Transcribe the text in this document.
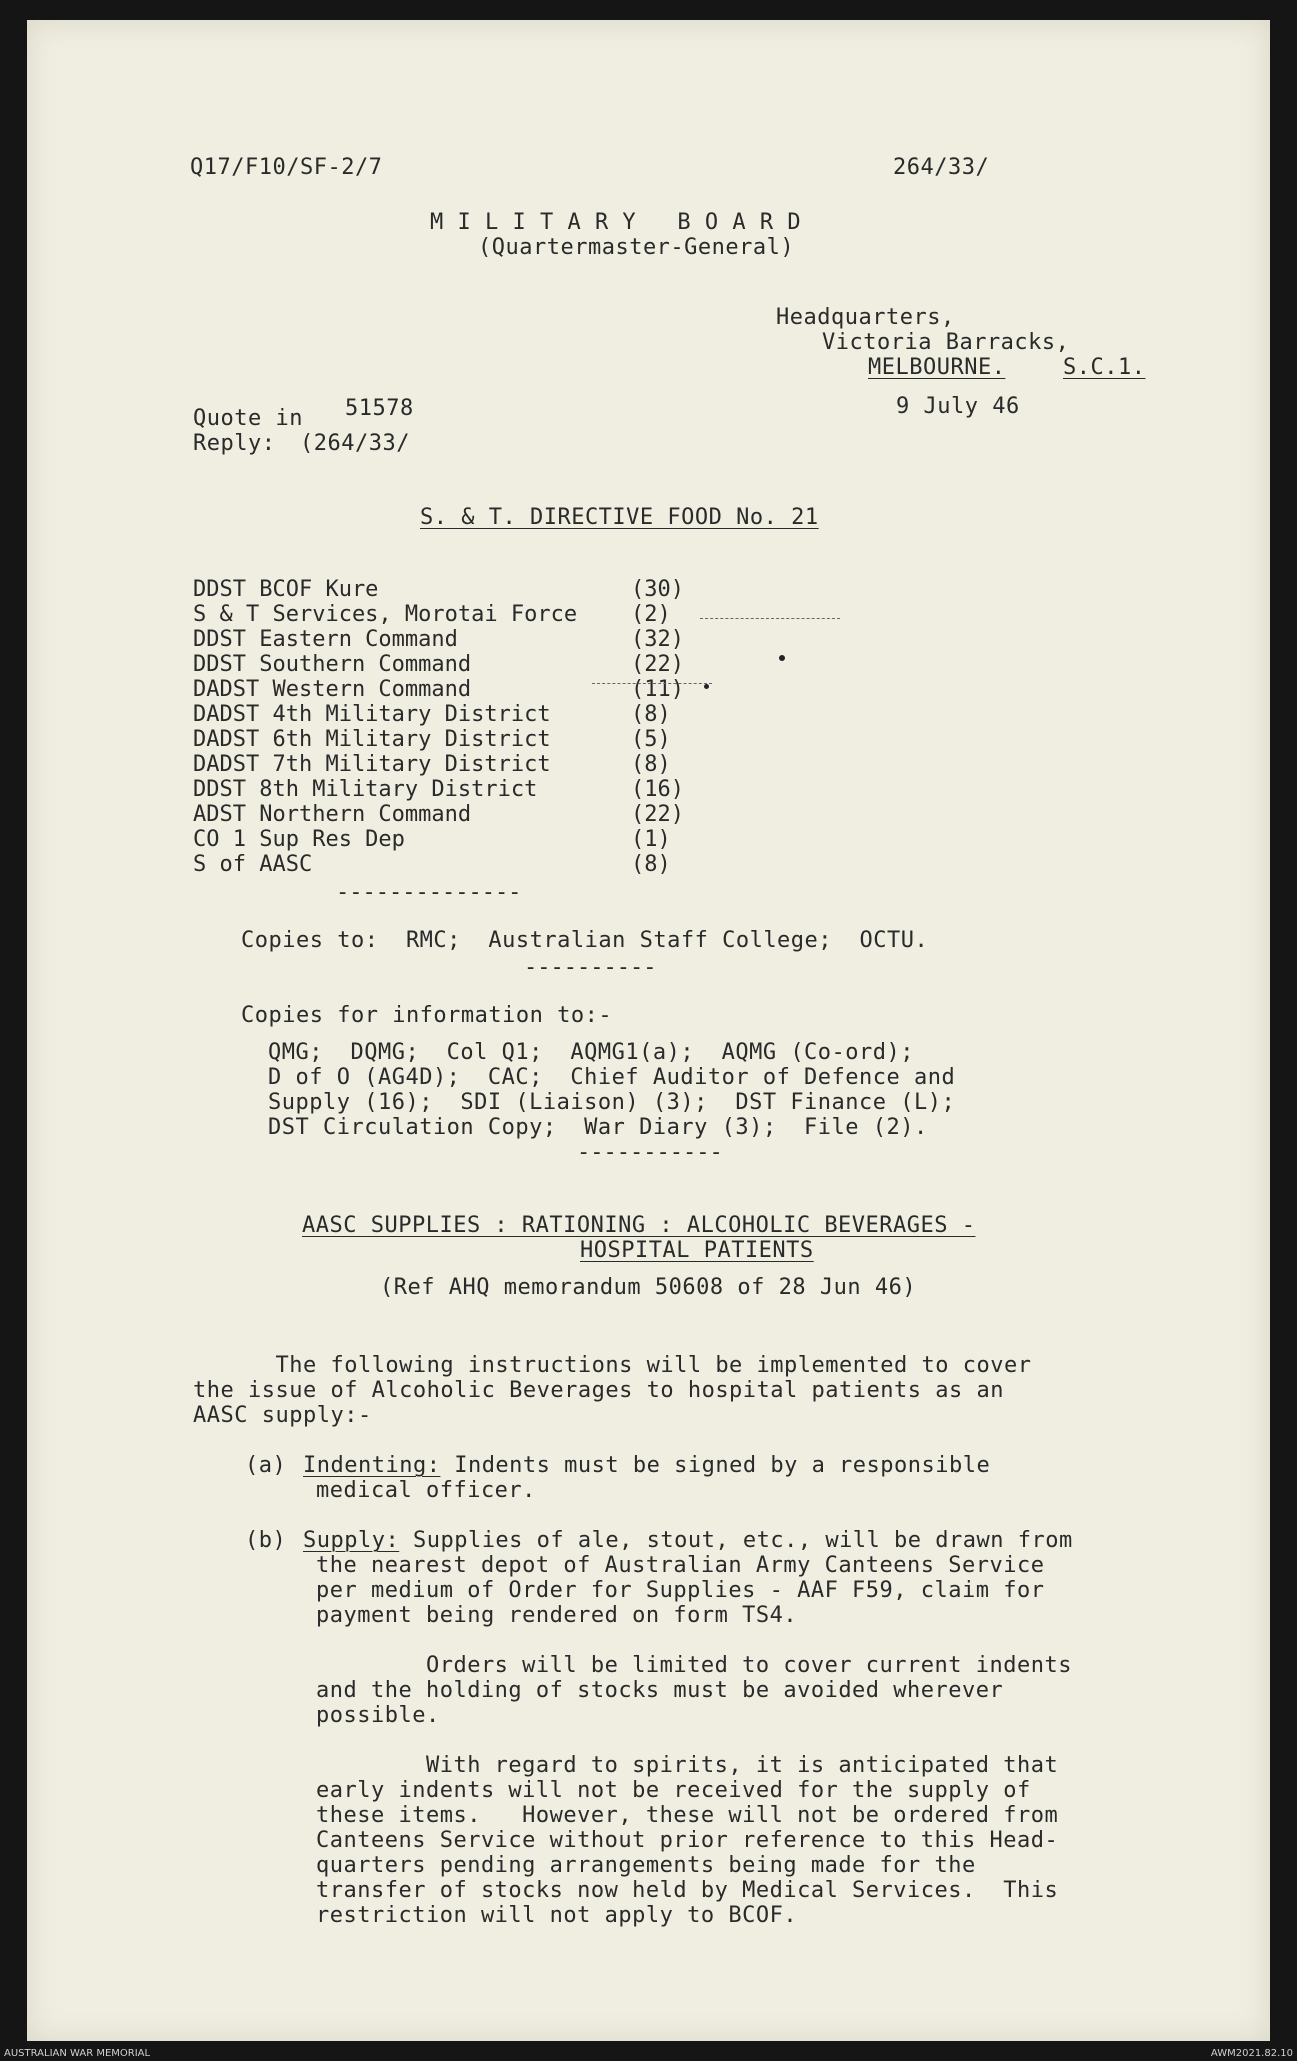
Q17/F10/SF-2/7	264/33/
M I L I T A R Y   B O A R D
(Quartermaster-General)
Headquarters,
Victoria Barracks,
MELBOURNE.	S.C.1.
9 July 46
Quote in 51578
Reply: (264/33/
S. & T. DIRECTIVE FOOD No. 21
DDST BCOF Kure	(30)
S & T Services, Morotai Force (2)
DDST Eastern Command	(32)
DDST Southern Command	(22)
DADST Western Command	(11)
DADST 4th Military District	(8)
DADST 6th Military District	(5)
DADST 7th Military District	(8)
DDST 8th Military District	(16)
ADST Northern Command	(22)
CO 1 Sup Res Dep	(1)
S of AASC	(8)
--------------
Copies to:  RMC;  Australian Staff College;  OCTU.
----------
Copies for information to:-
QMG;  DQMG;  Col Q1;  AQMG1(a);  AQMG (Co-ord);
D of O (AG4D);  CAC;  Chief Auditor of Defence and
Supply (16);  SDI (Liaison) (3);  DST Finance (L);
DST Circulation Copy;  War Diary (3);  File (2).
-----------
AASC SUPPLIES : RATIONING : ALCOHOLIC BEVERAGES -
HOSPITAL PATIENTS
(Ref AHQ memorandum 50608 of 28 Jun 46)
The following instructions will be implemented to cover
the issue of Alcoholic Beverages to hospital patients as an
AASC supply:-
(a) Indenting: Indents must be signed by a responsible
medical officer.
(b) Supply: Supplies of ale, stout, etc., will be drawn from
the nearest depot of Australian Army Canteens Service
per medium of Order for Supplies - AAF F59, claim for
payment being rendered on form TS4.
Orders will be limited to cover current indents
and the holding of stocks must be avoided wherever
possible.
With regard to spirits, it is anticipated that
early indents will not be received for the supply of
these items.   However, these will not be ordered from
Canteens Service without prior reference to this Head-
quarters pending arrangements being made for the
transfer of stocks now held by Medical Services.  This
restriction will not apply to BCOF.
AUSTRALIAN WAR MEMORIAL	AWM2021.82.10
